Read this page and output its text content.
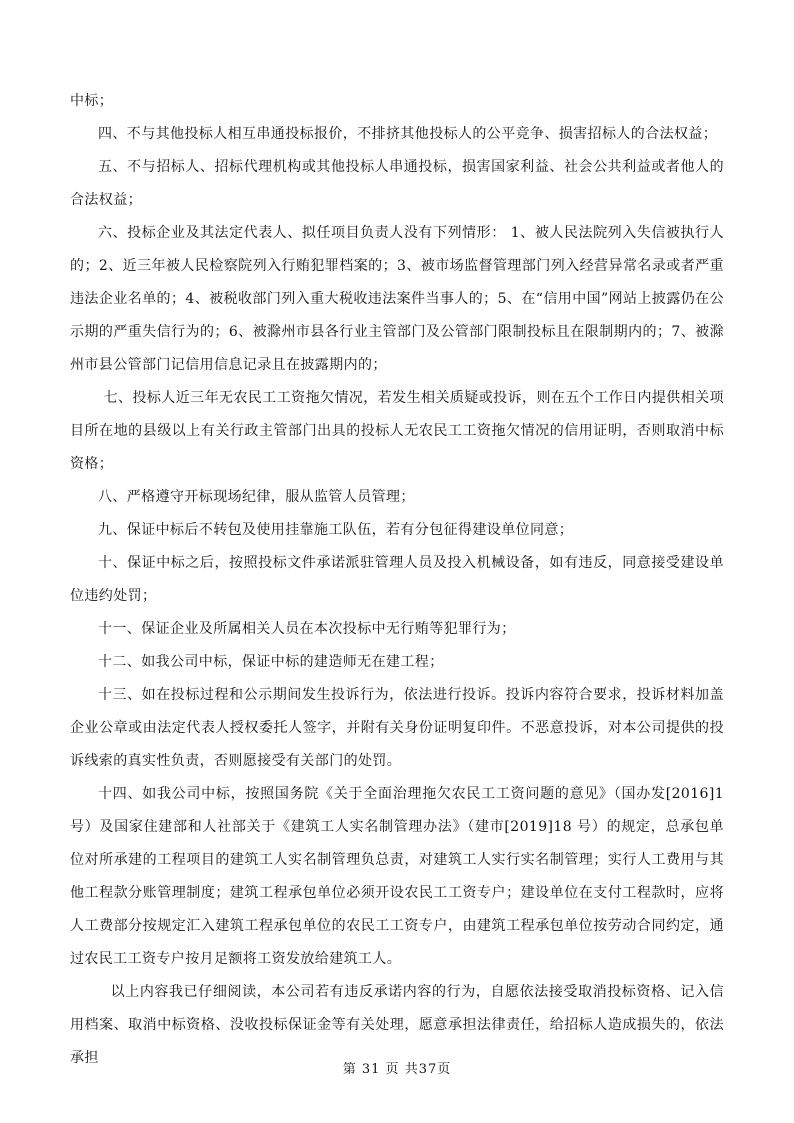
中标；

四、不与其他投标人相互串通投标报价，不排挤其他投标人的公平竞争、损害招标人的合法权益；

五、不与招标人、招标代理机构或其他投标人串通投标，损害国家利益、社会公共利益或者他人的合法权益；

六、投标企业及其法定代表人、拟任项目负责人没有下列情形： 1、被人民法院列入失信被执行人的；2、近三年被人民检察院列入行贿犯罪档案的；3、被市场监督管理部门列入经营异常名录或者严重违法企业名单的；4、被税收部门列入重大税收违法案件当事人的；5、在“信用中国”网站上披露仍在公示期的严重失信行为的；6、被滁州市县各行业主管部门及公管部门限制投标且在限制期内的；7、被滁州市县公管部门记信用信息记录且在披露期内的；

七、投标人近三年无农民工工资拖欠情况，若发生相关质疑或投诉，则在五个工作日内提供相关项目所在地的县级以上有关行政主管部门出具的投标人无农民工工资拖欠情况的信用证明，否则取消中标资格；

八、严格遵守开标现场纪律，服从监管人员管理；

九、保证中标后不转包及使用挂靠施工队伍，若有分包征得建设单位同意；

十、保证中标之后，按照投标文件承诺派驻管理人员及投入机械设备，如有违反，同意接受建设单位违约处罚；

十一、保证企业及所属相关人员在本次投标中无行贿等犯罪行为；

十二、如我公司中标，保证中标的建造师无在建工程；

十三、如在投标过程和公示期间发生投诉行为，依法进行投诉。投诉内容符合要求，投诉材料加盖企业公章或由法定代表人授权委托人签字，并附有关身份证明复印件。不恶意投诉，对本公司提供的投诉线索的真实性负责，否则愿接受有关部门的处罚。

十四、如我公司中标，按照国务院《关于全面治理拖欠农民工工资问题的意见》（国办发[2016]1 号）及国家住建部和人社部关于《建筑工人实名制管理办法》（建市[2019]18 号）的规定，总承包单位对所承建的工程项目的建筑工人实名制管理负总责，对建筑工人实行实名制管理；实行人工费用与其他工程款分账管理制度；建筑工程承包单位必须开设农民工工资专户；建设单位在支付工程款时，应将人工费部分按规定汇入建筑工程承包单位的农民工工资专户，由建筑工程承包单位按劳动合同约定，通过农民工工资专户按月足额将工资发放给建筑工人。

以上内容我已仔细阅读，本公司若有违反承诺内容的行为，自愿依法接受取消投标资格、记入信用档案、取消中标资格、没收投标保证金等有关处理，愿意承担法律责任，给招标人造成损失的，依法承担

第 31 页 共37页
